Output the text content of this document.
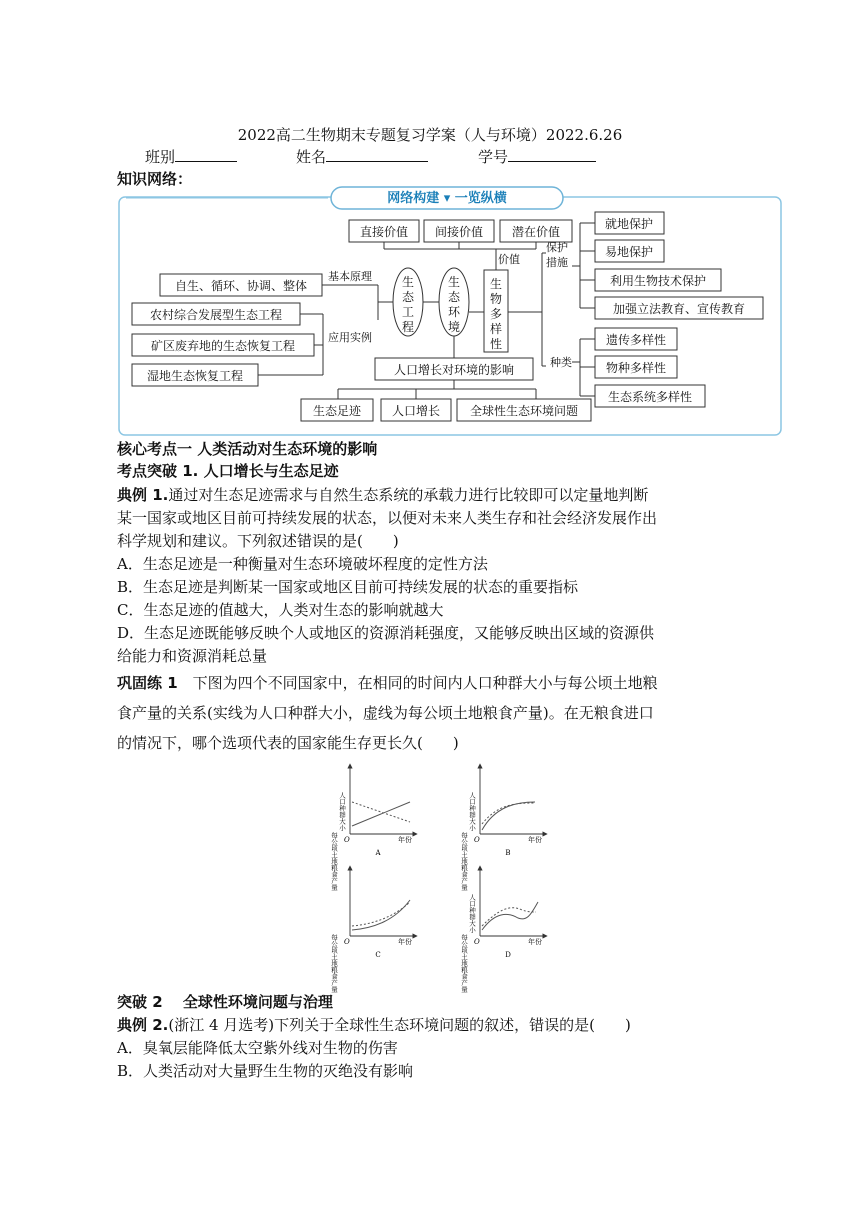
2022高二生物期末专题复习学案（人与环境）2022.6.26
班别	姓名	学号
知识网络：
网络构建 ▾ 一览纵横
直接价值 间接价值 潜在价值
价值
生
物
多
样
性
生
态
工
程
生
态
环
境
保护
措施
就地保护
易地保护
利用生物技术保护
加强立法教育、宣传教育
种类
遗传多样性
物种多样性
生态系统多样性
自生、循环、协调、整体
基本原理
应用实例
农村综合发展型生态工程
矿区废弃地的生态恢复工程
湿地生态恢复工程	人口增长对环境的影响
生态足迹	人口增长 全球性生态环境问题
核心考点一 人类活动对生态环境的影响
考点突破 1. 人口增长与生态足迹
典例 1.通过对生态足迹需求与自然生态系统的承载力进行比较即可以定量地判断
某一国家或地区目前可持续发展的状态，以便对未来人类生存和社会经济发展作出
科学规划和建议。下列叙述错误的是(　　)
A．生态足迹是一种衡量对生态环境破坏程度的定性方法
B．生态足迹是判断某一国家或地区目前可持续发展的状态的重要指标
C．生态足迹的值越大，人类对生态的影响就越大
D．生态足迹既能够反映个人或地区的资源消耗强度，又能够反映出区域的资源供
给能力和资源消耗总量
巩固练 1　下图为四个不同国家中，在相同的时间内人口种群大小与每公顷土地粮
食产量的关系(实线为人口种群大小，虚线为每公顷土地粮食产量)。在无粮食进口
的情况下，哪个选项代表的国家能生存更长久(　　)
每公顷土地粮食产量
人口种群大小
O	年份
A	每公顷土地粮食产量
人口种群大小
O	年份
B
每公顷土地粮食产量 O	年份
C	每公顷土地粮食产量
人口种群大小
O	年份
D
突破 2　 全球性环境问题与治理
典例 2.(浙江 4 月选考)下列关于全球性生态环境问题的叙述，错误的是(　　)
A．臭氧层能降低太空紫外线对生物的伤害
B．人类活动对大量野生生物的灭绝没有影响
